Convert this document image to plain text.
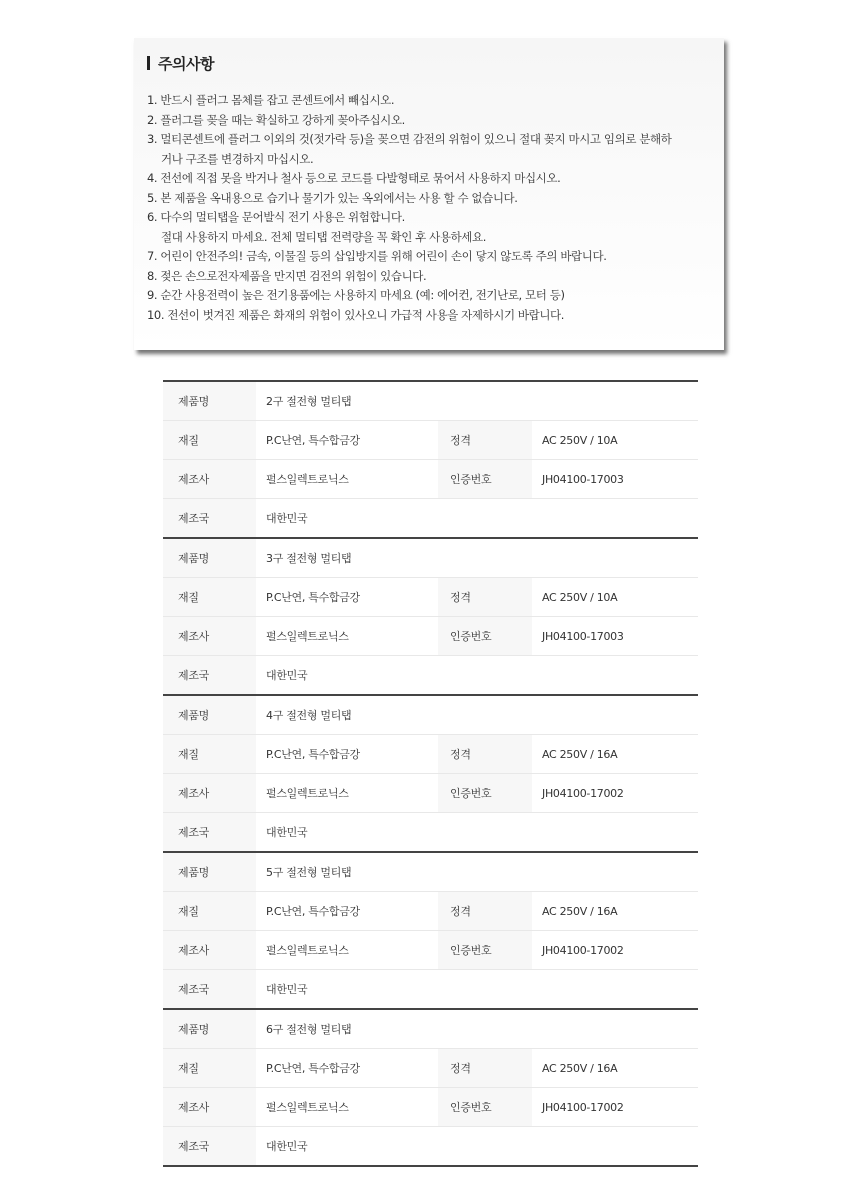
주의사항
1. 반드시 플러그 몸체를 잡고 콘센트에서 빼십시오.
2. 플러그를 꽂을 때는 확실하고 강하게 꽂아주십시오.
3. 멀티콘센트에 플러그 이외의 것(젓가락 등)을 꽂으면 감전의 위험이 있으니 절대 꽂지 마시고 임의로 분해하
거나 구조를 변경하지 마십시오.
4. 전선에 직접 못을 박거나 철사 등으로 코드를 다발형태로 묶어서 사용하지 마십시오.
5. 본 제품을 옥내용으로 습기나 물기가 있는 옥외에서는 사용 할 수 없습니다.
6. 다수의 멀티탭을 문어발식 전기 사용은 위험합니다.
절대 사용하지 마세요. 전체 멀티탭 전력량을 꼭 확인 후 사용하세요.
7. 어린이 안전주의! 금속, 이물질 등의 삽입방지를 위해 어린이 손이 닿지 않도록 주의 바랍니다.
8. 젖은 손으로전자제품을 만지면 검전의 위험이 있습니다.
9. 순간 사용전력이 높은 전기용품에는 사용하지 마세요 (예: 에어컨, 전기난로, 모터 등)
10. 전선이 벗겨진 제품은 화재의 위험이 있사오니 가급적 사용을 자제하시기 바랍니다.
제품명	2구 절전형 멀티탭		
재질	P.C난연, 특수합금강	정격	AC 250V / 10A
제조사	펄스일렉트로닉스	인증번호	JH04100-17003
제조국	대한민국		
제품명	3구 절전형 멀티탭		
재질	P.C난연, 특수합금강	정격	AC 250V / 10A
제조사	펄스일렉트로닉스	인증번호	JH04100-17003
제조국	대한민국		
제품명	4구 절전형 멀티탭		
재질	P.C난연, 특수합금강	정격	AC 250V / 16A
제조사	펄스일렉트로닉스	인증번호	JH04100-17002
제조국	대한민국		
제품명	5구 절전형 멀티탭		
재질	P.C난연, 특수합금강	정격	AC 250V / 16A
제조사	펄스일렉트로닉스	인증번호	JH04100-17002
제조국	대한민국		
제품명	6구 절전형 멀티탭		
재질	P.C난연, 특수합금강	정격	AC 250V / 16A
제조사	펄스일렉트로닉스	인증번호	JH04100-17002
제조국	대한민국		
